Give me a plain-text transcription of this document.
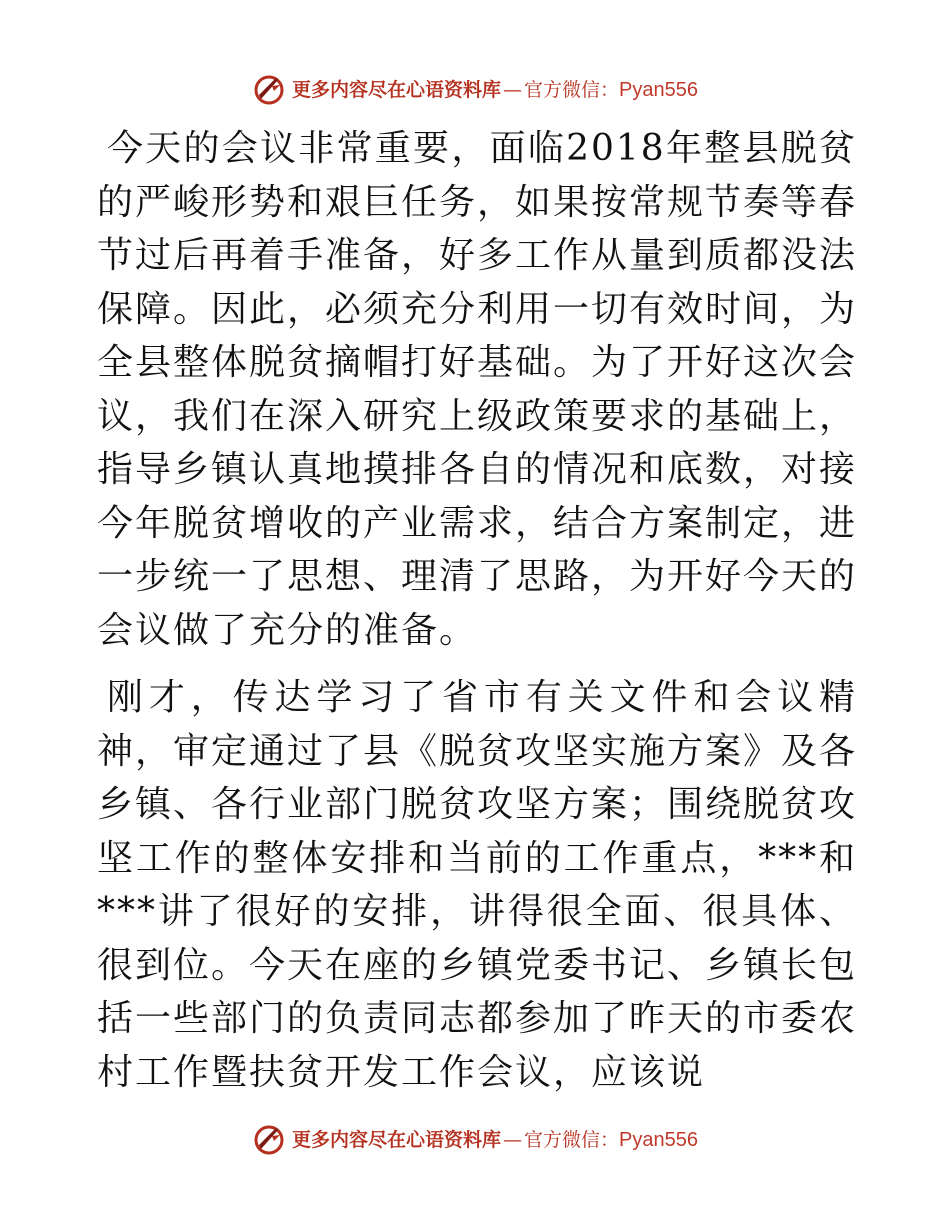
更多内容尽在心语资料库 — 官方微信： Pyan556

今天的会议非常重要，面临2018年整县脱贫的严峻形势和艰巨任务，如果按常规节奏等春节过后再着手准备，好多工作从量到质都没法保障。因此，必须充分利用一切有效时间，为全县整体脱贫摘帽打好基础。为了开好这次会议，我们在深入研究上级政策要求的基础上，指导乡镇认真地摸排各自的情况和底数，对接今年脱贫增收的产业需求，结合方案制定，进一步统一了思想、理清了思路，为开好今天的会议做了充分的准备。

刚才，传达学习了省市有关文件和会议精神，审定通过了县《脱贫攻坚实施方案》及各乡镇、各行业部门脱贫攻坚方案；围绕脱贫攻坚工作的整体安排和当前的工作重点，***和***讲了很好的安排，讲得很全面、很具体、很到位。今天在座的乡镇党委书记、乡镇长包括一些部门的负责同志都参加了昨天的市委农村工作暨扶贫开发工作会议，应该说

更多内容尽在心语资料库 — 官方微信： Pyan556
